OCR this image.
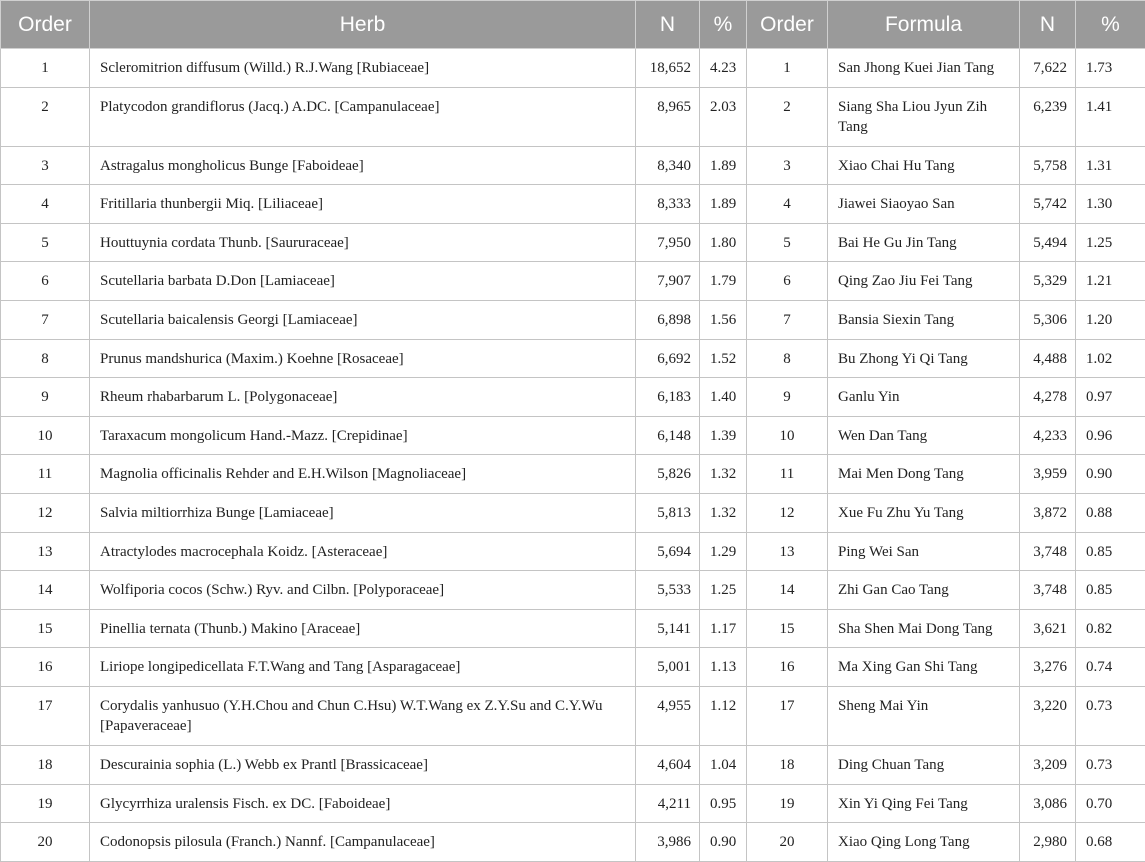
Order	Herb	N	%	Order	Formula	N	%
1	Scleromitrion diffusum (Willd.) R.J.Wang [Rubiaceae]	18,652	4.23	1	San Jhong Kuei Jian Tang	7,622	1.73
2	Platycodon grandiflorus (Jacq.) A.DC. [Campanulaceae]	8,965	2.03	2	Siang Sha Liou Jyun Zih Tang	6,239	1.41
3	Astragalus mongholicus Bunge [Faboideae]	8,340	1.89	3	Xiao Chai Hu Tang	5,758	1.31
4	Fritillaria thunbergii Miq. [Liliaceae]	8,333	1.89	4	Jiawei Siaoyao San	5,742	1.30
5	Houttuynia cordata Thunb. [Saururaceae]	7,950	1.80	5	Bai He Gu Jin Tang	5,494	1.25
6	Scutellaria barbata D.Don [Lamiaceae]	7,907	1.79	6	Qing Zao Jiu Fei Tang	5,329	1.21
7	Scutellaria baicalensis Georgi [Lamiaceae]	6,898	1.56	7	Bansia Siexin Tang	5,306	1.20
8	Prunus mandshurica (Maxim.) Koehne [Rosaceae]	6,692	1.52	8	Bu Zhong Yi Qi Tang	4,488	1.02
9	Rheum rhabarbarum L. [Polygonaceae]	6,183	1.40	9	Ganlu Yin	4,278	0.97
10	Taraxacum mongolicum Hand.-Mazz. [Crepidinae]	6,148	1.39	10	Wen Dan Tang	4,233	0.96
11	Magnolia officinalis Rehder and E.H.Wilson [Magnoliaceae]	5,826	1.32	11	Mai Men Dong Tang	3,959	0.90
12	Salvia miltiorrhiza Bunge [Lamiaceae]	5,813	1.32	12	Xue Fu Zhu Yu Tang	3,872	0.88
13	Atractylodes macrocephala Koidz. [Asteraceae]	5,694	1.29	13	Ping Wei San	3,748	0.85
14	Wolfiporia cocos (Schw.) Ryv. and Cilbn. [Polyporaceae]	5,533	1.25	14	Zhi Gan Cao Tang	3,748	0.85
15	Pinellia ternata (Thunb.) Makino [Araceae]	5,141	1.17	15	Sha Shen Mai Dong Tang	3,621	0.82
16	Liriope longipedicellata F.T.Wang and Tang [Asparagaceae]	5,001	1.13	16	Ma Xing Gan Shi Tang	3,276	0.74
17	Corydalis yanhusuo (Y.H.Chou and Chun C.Hsu) W.T.Wang ex Z.Y.Su and C.Y.Wu [Papaveraceae]	4,955	1.12	17	Sheng Mai Yin	3,220	0.73
18	Descurainia sophia (L.) Webb ex Prantl [Brassicaceae]	4,604	1.04	18	Ding Chuan Tang	3,209	0.73
19	Glycyrrhiza uralensis Fisch. ex DC. [Faboideae]	4,211	0.95	19	Xin Yi Qing Fei Tang	3,086	0.70
20	Codonopsis pilosula (Franch.) Nannf. [Campanulaceae]	3,986	0.90	20	Xiao Qing Long Tang	2,980	0.68
